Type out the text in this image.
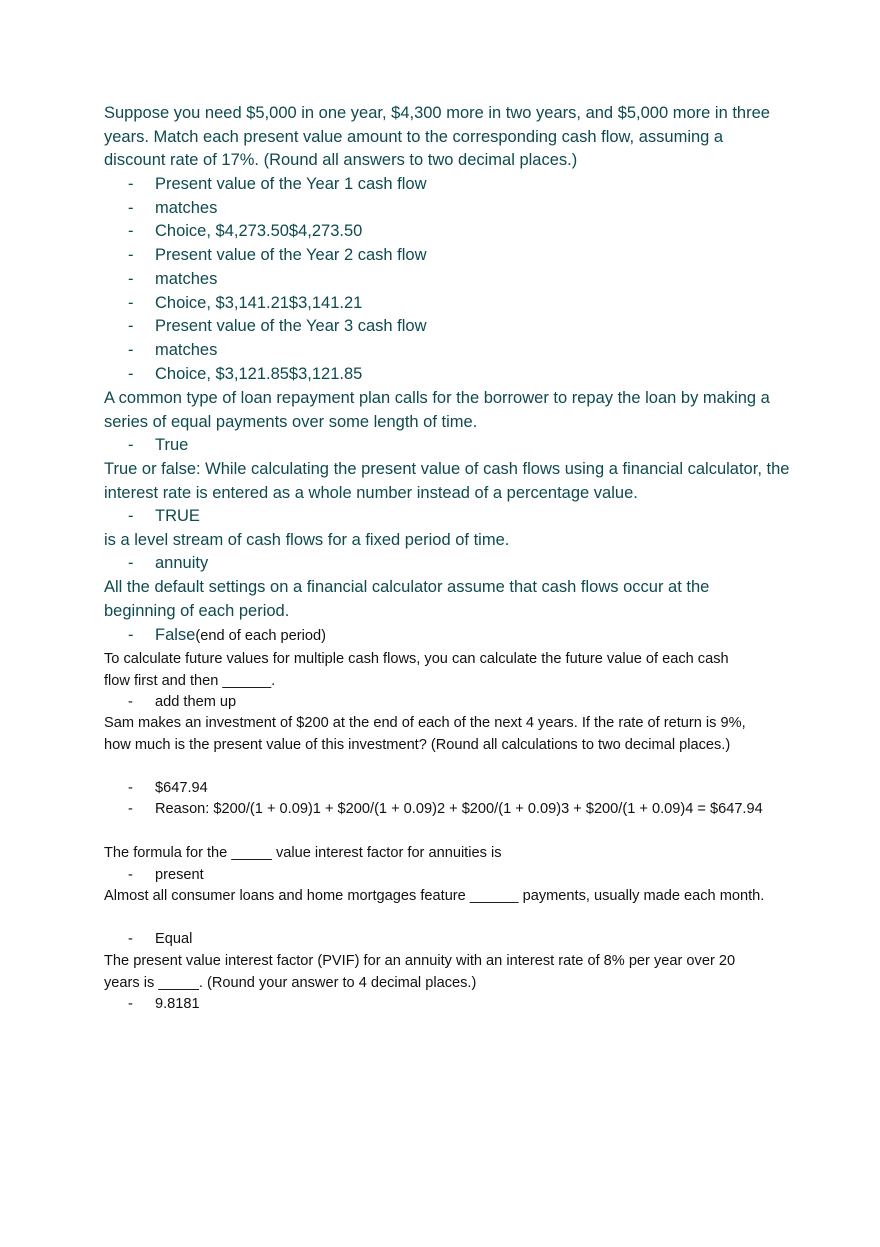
Suppose you need $5,000 in one year, $4,300 more in two years, and $5,000 more in three years. Match each present value amount to the corresponding cash flow, assuming a discount rate of 17%. (Round all answers to two decimal places.)

- Present value of the Year 1 cash flow
- matches
- Choice, $4,273.50$4,273.50
- Present value of the Year 2 cash flow
- matches
- Choice, $3,141.21$3,141.21
- Present value of the Year 3 cash flow
- matches
- Choice, $3,121.85$3,121.85

A common type of loan repayment plan calls for the borrower to repay the loan by making a series of equal payments over some length of time.

- True

True or false: While calculating the present value of cash flows using a financial calculator, the interest rate is entered as a whole number instead of a percentage value.

- TRUE

is a level stream of cash flows for a fixed period of time.

- annuity

All the default settings on a financial calculator assume that cash flows occur at the beginning of each period.

- False(end of each period)

To calculate future values for multiple cash flows, you can calculate the future value of each cash flow first and then ______.

- add them up

Sam makes an investment of $200 at the end of each of the next 4 years. If the rate of return is 9%, how much is the present value of this investment? (Round all calculations to two decimal places.)

- $647.94
- Reason: $200/(1 + 0.09)1 + $200/(1 + 0.09)2 + $200/(1 + 0.09)3 + $200/(1 + 0.09)4 = $647.94

The formula for the _____ value interest factor for annuities is

- present

Almost all consumer loans and home mortgages feature ______ payments, usually made each month.

- Equal

The present value interest factor (PVIF) for an annuity with an interest rate of 8% per year over 20 years is _____. (Round your answer to 4 decimal places.)

- 9.8181
